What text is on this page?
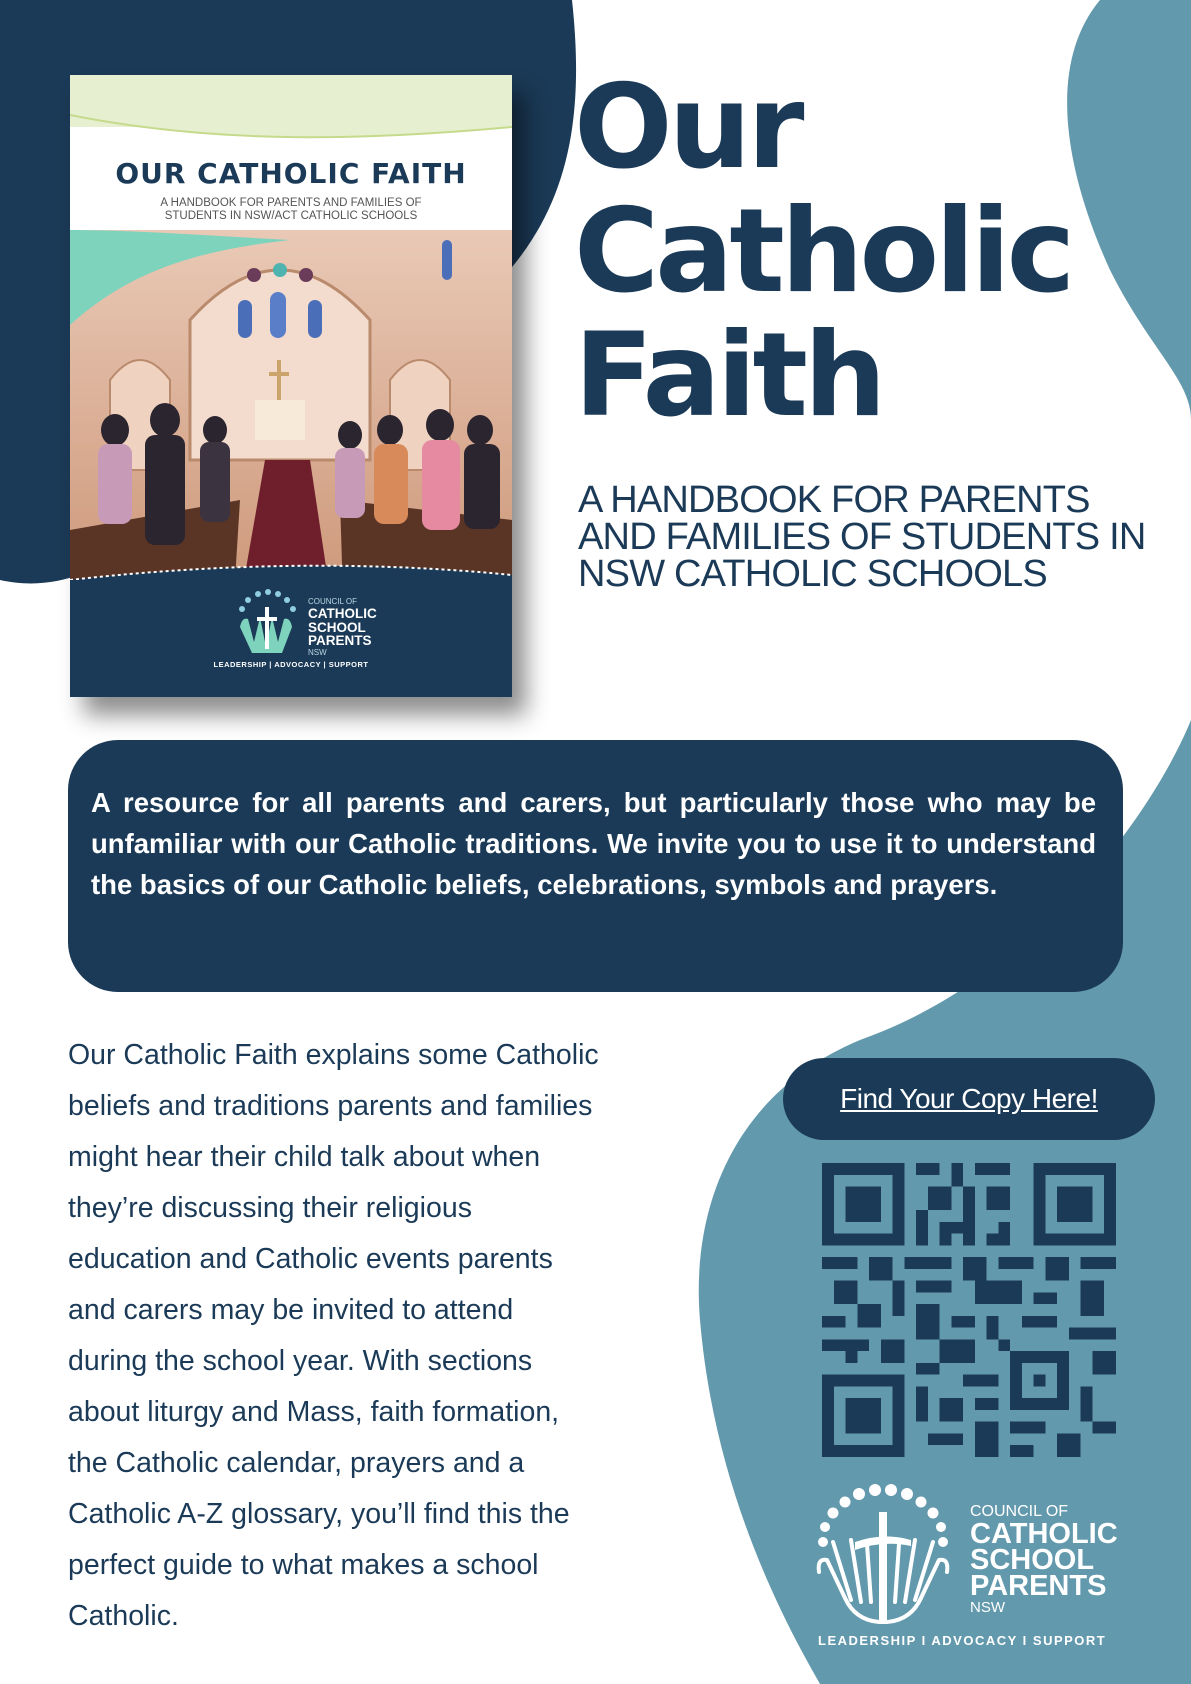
OUR CATHOLIC FAITH
A HANDBOOK FOR PARENTS AND FAMILIES OF STUDENTS IN NSW/ACT CATHOLIC SCHOOLS
COUNCIL OF
CATHOLIC
SCHOOL
PARENTS
NSW
LEADERSHIP | ADVOCACY | SUPPORT
Our
Catholic
Faith
A HANDBOOK FOR PARENTS AND FAMILIES OF STUDENTS IN NSW CATHOLIC SCHOOLS

A resource for all parents and carers, but particularly those who may be unfamiliar with our Catholic traditions. We invite you to use it to understand the basics of our Catholic beliefs, celebrations, symbols and prayers.

Our Catholic Faith explains some Catholic
beliefs and traditions parents and families
might hear their child talk about when
they’re discussing their religious
education and Catholic events parents
and carers may be invited to attend
during the school year. With sections
about liturgy and Mass, faith formation,
the Catholic calendar, prayers and a
Catholic A-Z glossary, you’ll find this the
perfect guide to what makes a school
Catholic.
Find Your Copy Here!
COUNCIL OF
CATHOLIC
SCHOOL
PARENTS
NSW
LEADERSHIP I ADVOCACY I SUPPORT
